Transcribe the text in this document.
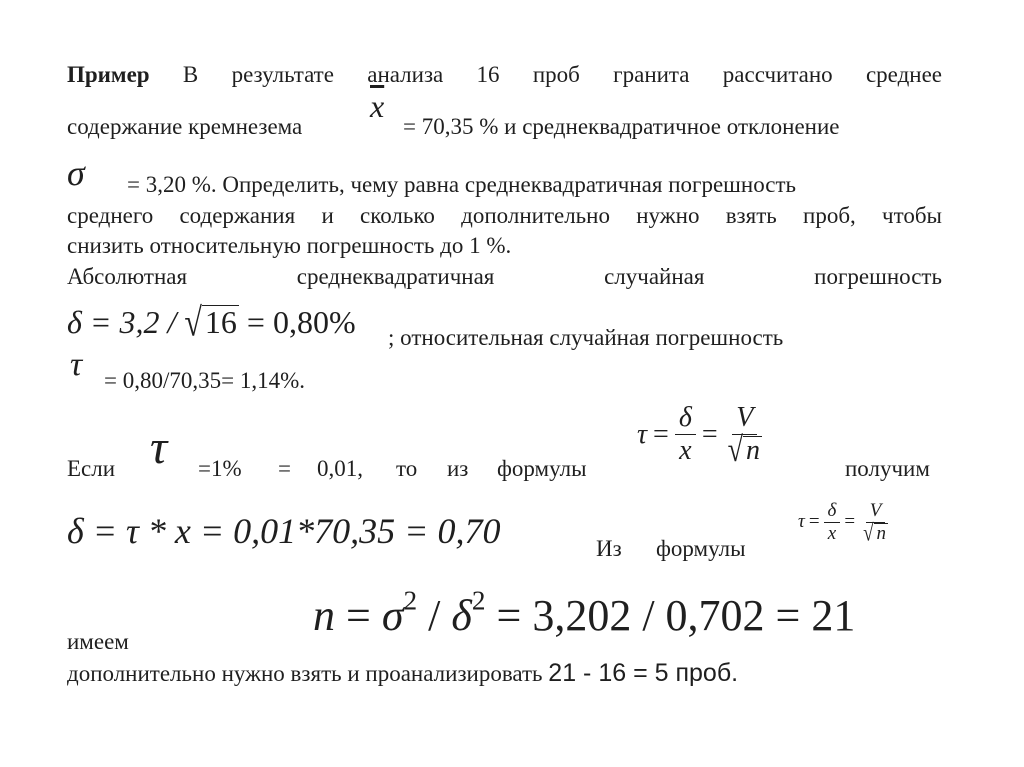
Пример В результате анализа 16 проб гранита рассчитано среднее
содержание кремнезема
$\overline{x}$
= 70,35 % и среднеквадратичное отклонение
σ = 3,20 %. Определить, чему равна среднеквадратичная погрешность
среднего содержания и сколько дополнительно нужно взять проб, чтобы
снизить относительную погрешность до 1 %.
Абсолютная	среднеквадратичная	случайная	погрешность
δ = 3,2 / √16 = 0,80% ; относительная случайная погрешность
τ = 0,80/70,35= 1,14%.
Если τ =1% = 0,01, то из формулы
$\tau = \frac{\delta}{x} = \frac{V}{√ n}$
получим
δ = τ * x = 0,01*70,35 = 0,70	Из формулы
$\tau = \frac{\delta}{x} = \frac{V}{√ n}$
$n = \sigma^2 / \delta^2 = 3,202 / 0,702 = 21$
имеем
дополнительно нужно взять и проанализировать 21 - 16 = 5 проб.
